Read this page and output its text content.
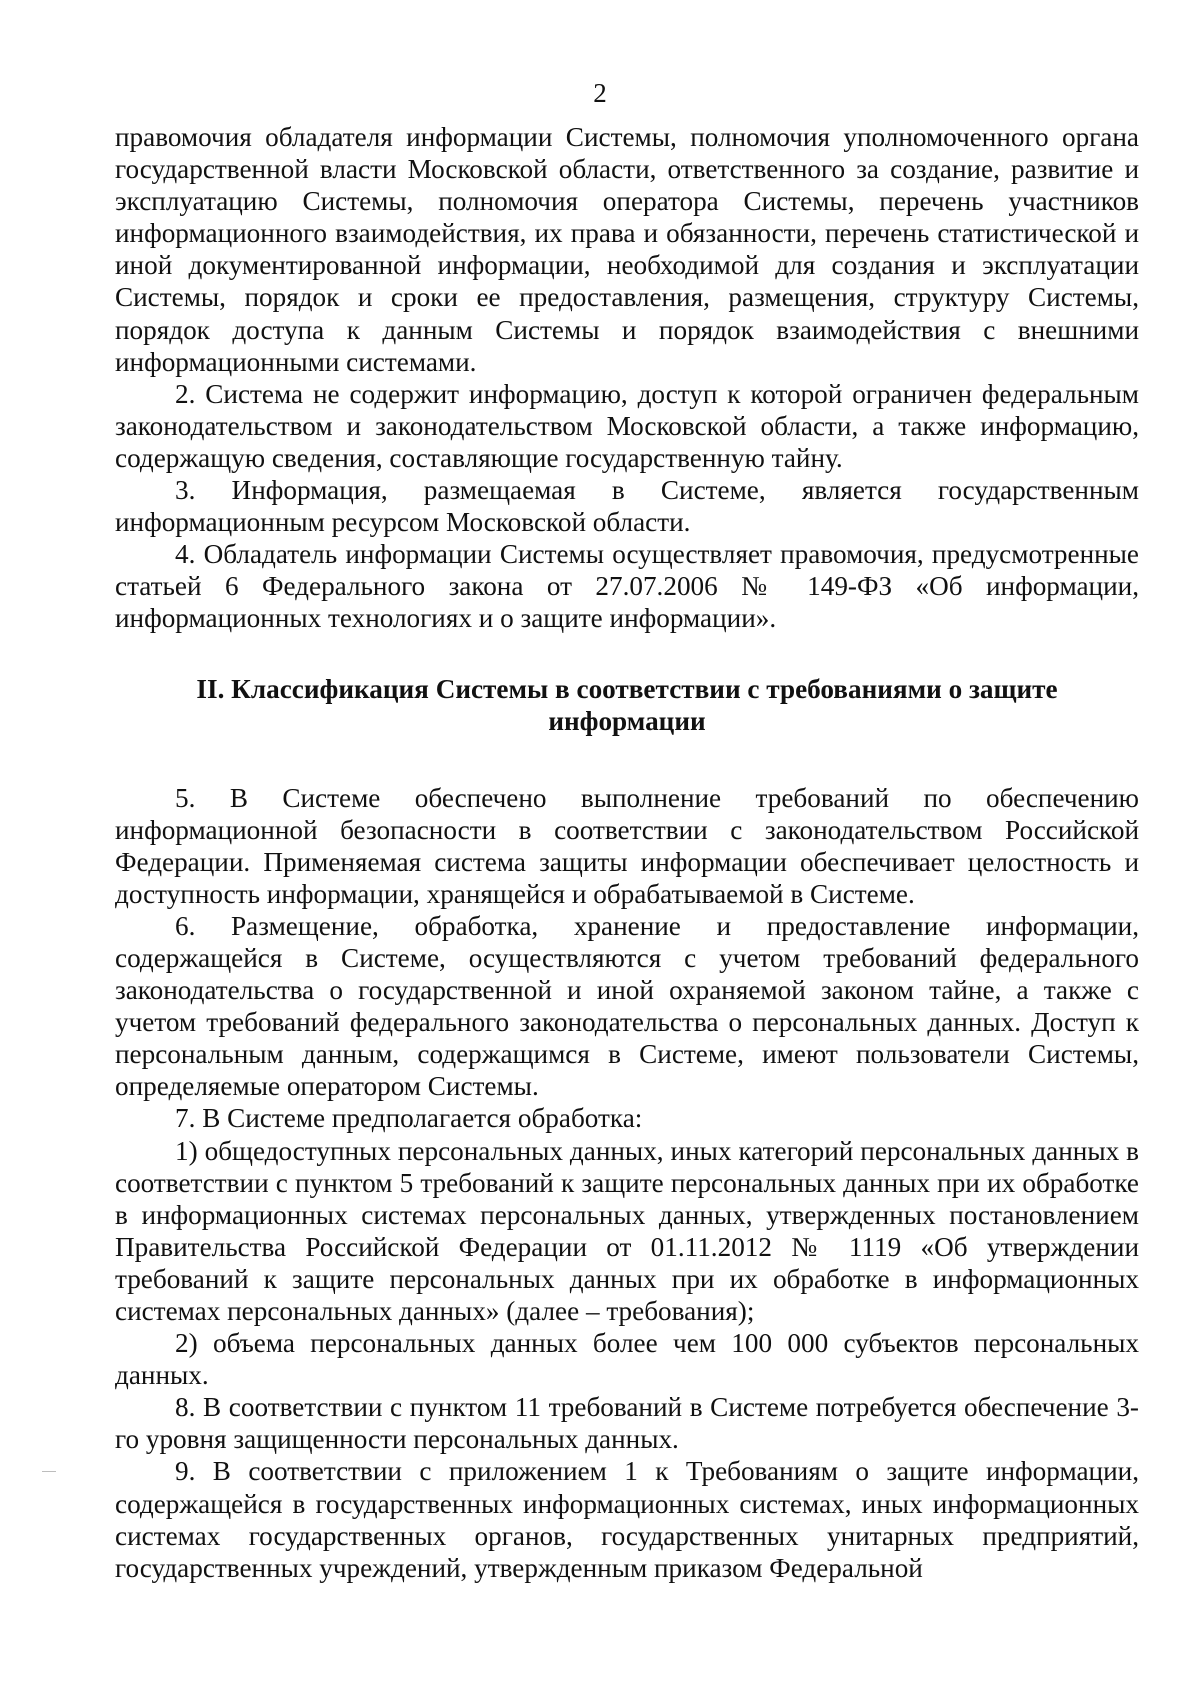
2

правомочия обладателя информации Системы, полномочия уполномоченного органа государственной власти Московской области, ответственного за создание, развитие и эксплуатацию Системы, полномочия оператора Системы, перечень участников информационного взаимодействия, их права и обязанности, перечень статистической и иной документированной информации, необходимой для создания и эксплуатации Системы, порядок и сроки ее предоставления, размещения, структуру Системы, порядок доступа к данным Системы и порядок взаимодействия с внешними информационными системами.

2. Система не содержит информацию, доступ к которой ограничен федеральным законодательством и законодательством Московской области, а также информацию, содержащую сведения, составляющие государственную тайну.

3. Информация, размещаемая в Системе, является государственным информационным ресурсом Московской области.

4. Обладатель информации Системы осуществляет правомочия, предусмотренные статьей 6 Федерального закона от 27.07.2006 № 149-ФЗ «Об информации, информационных технологиях и о защите информации».

II. Классификация Системы в соответствии с требованиями о защите информации

5. В Системе обеспечено выполнение требований по обеспечению информационной безопасности в соответствии с законодательством Российской Федерации. Применяемая система защиты информации обеспечивает целостность и доступность информации, хранящейся и обрабатываемой в Системе.

6. Размещение, обработка, хранение и предоставление информации, содержащейся в Системе, осуществляются с учетом требований федерального законодательства о государственной и иной охраняемой законом тайне, а также с учетом требований федерального законодательства о персональных данных. Доступ к персональным данным, содержащимся в Системе, имеют пользователи Системы, определяемые оператором Системы.

7. В Системе предполагается обработка:

1) общедоступных персональных данных, иных категорий персональных данных в соответствии с пунктом 5 требований к защите персональных данных при их обработке в информационных системах персональных данных, утвержденных постановлением Правительства Российской Федерации от 01.11.2012 № 1119 «Об утверждении требований к защите персональных данных при их обработке в информационных системах персональных данных» (далее – требования);

2) объема персональных данных более чем 100 000 субъектов персональных данных.

8. В соответствии с пунктом 11 требований в Системе потребуется обеспечение 3-го уровня защищенности персональных данных.

9. В соответствии с приложением 1 к Требованиям о защите информации, содержащейся в государственных информационных системах, иных информационных системах государственных органов, государственных унитарных предприятий, государственных учреждений, утвержденным приказом Федеральной
